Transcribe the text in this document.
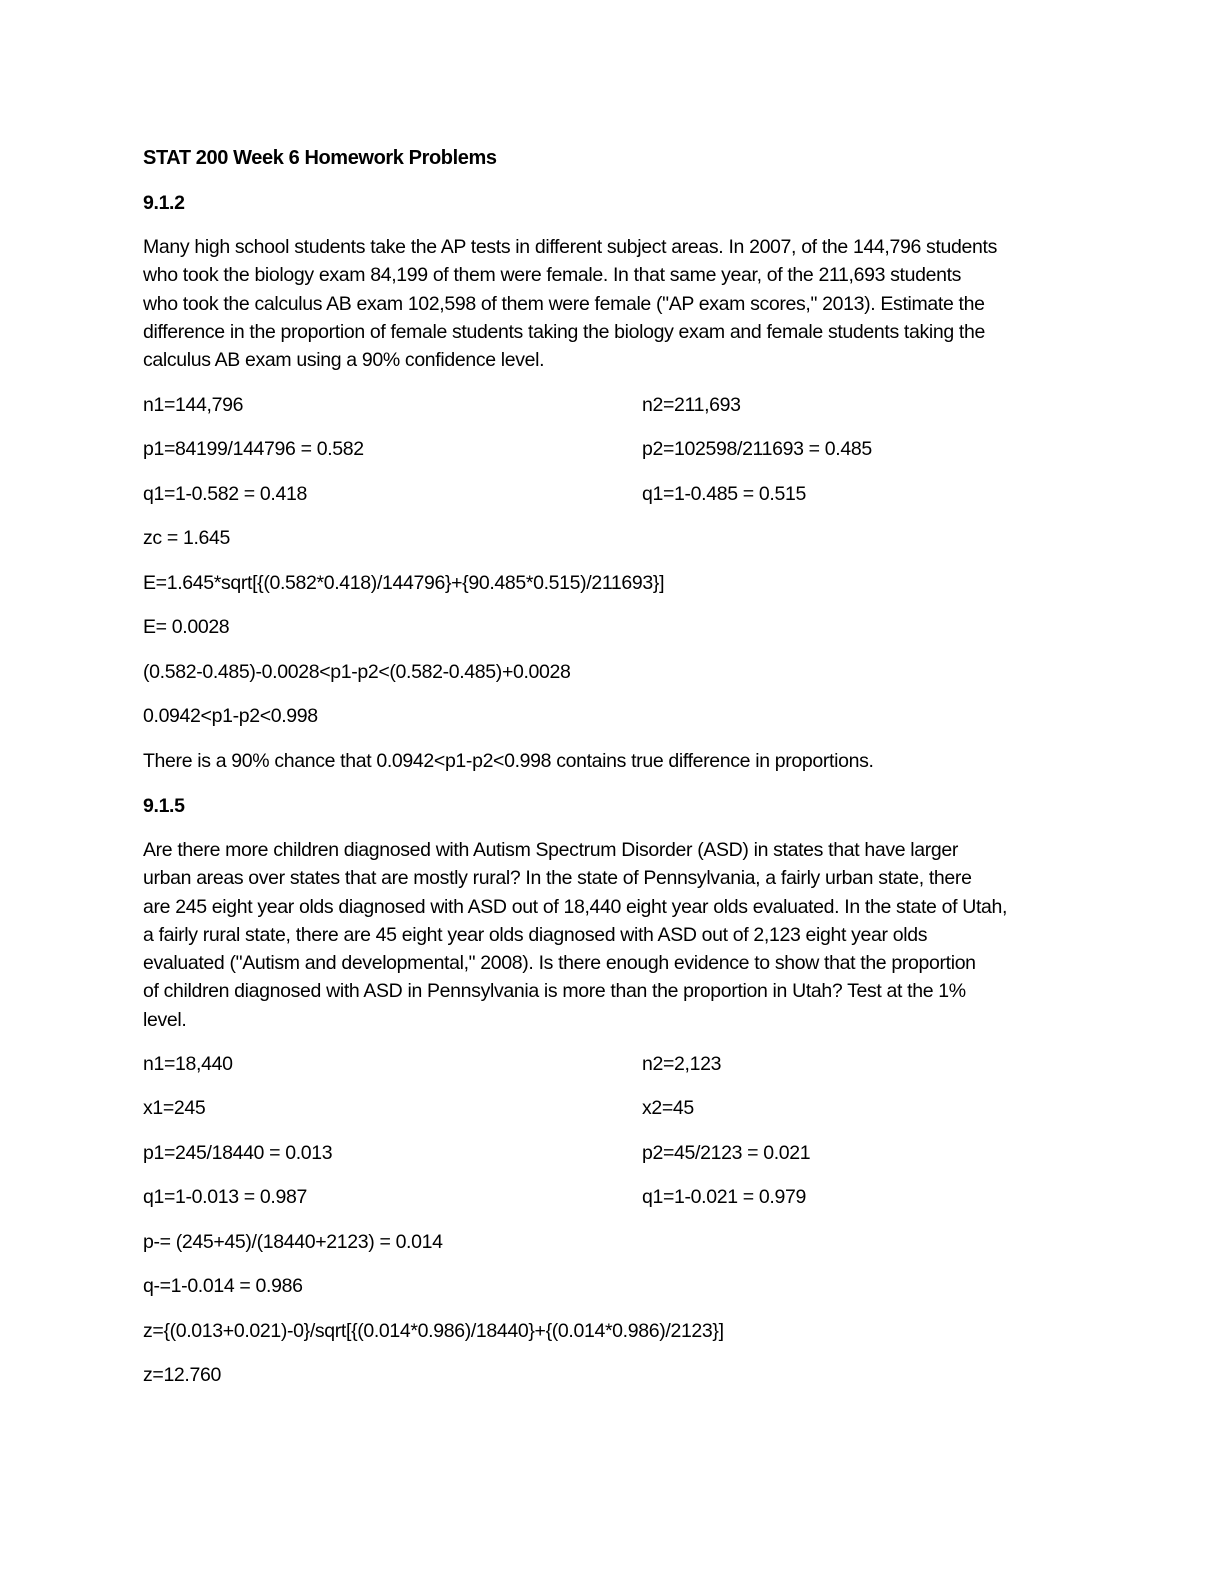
STAT 200 Week 6 Homework Problems
9.1.2
Many high school students take the AP tests in different subject areas. In 2007, of the 144,796 students
who took the biology exam 84,199 of them were female. In that same year, of the 211,693 students
who took the calculus AB exam 102,598 of them were female ("AP exam scores," 2013). Estimate the
difference in the proportion of female students taking the biology exam and female students taking the
calculus AB exam using a 90% confidence level.
n1=144,796	n2=211,693
p1=84199/144796 = 0.582	p2=102598/211693 = 0.485
q1=1-0.582 = 0.418	q1=1-0.485 = 0.515
zc = 1.645
E=1.645*sqrt[{(0.582*0.418)/144796}+{90.485*0.515)/211693}]
E= 0.0028
(0.582-0.485)-0.0028<p1-p2<(0.582-0.485)+0.0028
0.0942<p1-p2<0.998
There is a 90% chance that 0.0942<p1-p2<0.998 contains true difference in proportions.
9.1.5
Are there more children diagnosed with Autism Spectrum Disorder (ASD) in states that have larger
urban areas over states that are mostly rural? In the state of Pennsylvania, a fairly urban state, there
are 245 eight year olds diagnosed with ASD out of 18,440 eight year olds evaluated. In the state of Utah,
a fairly rural state, there are 45 eight year olds diagnosed with ASD out of 2,123 eight year olds
evaluated ("Autism and developmental," 2008). Is there enough evidence to show that the proportion
of children diagnosed with ASD in Pennsylvania is more than the proportion in Utah? Test at the 1%
level.
n1=18,440	n2=2,123
x1=245	x2=45
p1=245/18440 = 0.013	p2=45/2123 = 0.021
q1=1-0.013 = 0.987	q1=1-0.021 = 0.979
p-= (245+45)/(18440+2123) = 0.014
q-=1-0.014 = 0.986
z={(0.013+0.021)-0}/sqrt[{(0.014*0.986)/18440}+{(0.014*0.986)/2123}]
z=12.760
